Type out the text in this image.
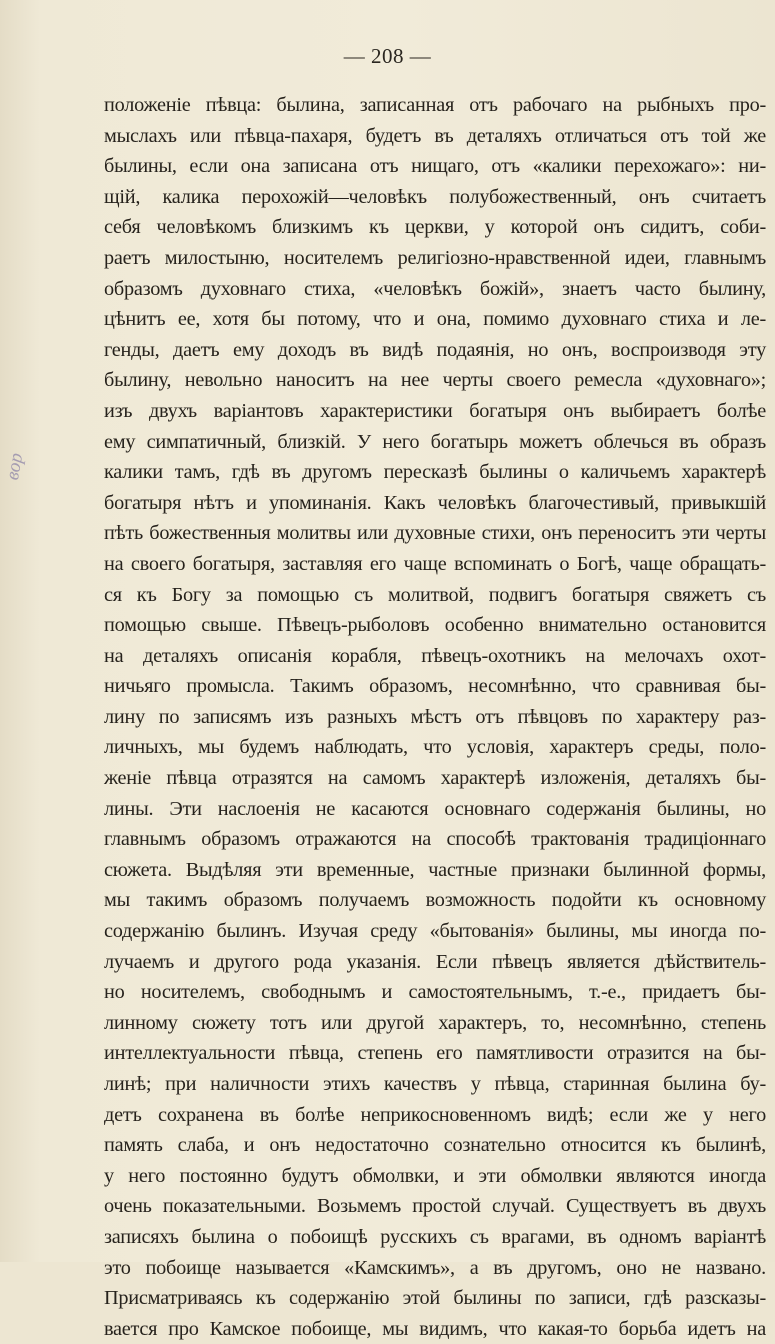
— 208 —
вор
положеніе пѣвца: былина, записанная отъ рабочаго на рыбныхъ про-
мыслахъ или пѣвца-пахаря, будетъ въ деталяхъ отличаться отъ той же
былины, если она записана отъ нищаго, отъ «калики перехожаго»: ни-
щій, калика перохожій—человѣкъ полубожественный, онъ считаетъ
себя человѣкомъ близкимъ къ церкви, у которой онъ сидитъ, соби-
раетъ милостыню, носителемъ религіозно-нравственной идеи, главнымъ
образомъ духовнаго стиха, «человѣкъ божій», знаетъ часто былину,
цѣнитъ ее, хотя бы потому, что и она, помимо духовнаго стиха и ле-
генды, даетъ ему доходъ въ видѣ подаянія, но онъ, воспроизводя эту
былину, невольно наноситъ на нее черты своего ремесла «духовнаго»;
изъ двухъ варіантовъ характеристики богатыря онъ выбираетъ болѣе
ему симпатичный, близкій. У него богатырь можетъ облечься въ образъ
калики тамъ, гдѣ въ другомъ пересказѣ былины о каличьемъ характерѣ
богатыря нѣтъ и упоминанія. Какъ человѣкъ благочестивый, привыкшій
пѣть божественныя молитвы или духовные стихи, онъ переноситъ эти черты
на своего богатыря, заставляя его чаще вспоминать о Богѣ, чаще обращать-
ся къ Богу за помощью съ молитвой, подвигъ богатыря свяжетъ съ
помощью свыше. Пѣвецъ-рыболовъ особенно внимательно остановится
на деталяхъ описанія корабля, пѣвецъ-охотникъ на мелочахъ охот-
ничьяго промысла. Такимъ образомъ, несомнѣнно, что сравнивая бы-
лину по записямъ изъ разныхъ мѣстъ отъ пѣвцовъ по характеру раз-
личныхъ, мы будемъ наблюдать, что условія, характеръ среды, поло-
женіе пѣвца отразятся на самомъ характерѣ изложенія, деталяхъ бы-
лины. Эти наслоенія не касаются основнаго содержанія былины, но
главнымъ образомъ отражаются на способѣ трактованія традиціоннаго
сюжета. Выдѣляя эти временные, частные признаки былинной формы,
мы такимъ образомъ получаемъ возможность подойти къ основному
содержанію былинъ. Изучая среду «бытованія» былины, мы иногда по-
лучаемъ и другого рода указанія. Если пѣвецъ является дѣйствитель-
но носителемъ, свободнымъ и самостоятельнымъ, т.-е., придаетъ бы-
линному сюжету тотъ или другой характеръ, то, несомнѣнно, степень
интеллектуальности пѣвца, степень его памятливости отразится на бы-
линѣ; при наличности этихъ качествъ у пѣвца, старинная былина бу-
детъ сохранена въ болѣе неприкосновенномъ видѣ; если же у него
память слаба, и онъ недостаточно сознательно относится къ былинѣ,
у него постоянно будутъ обмолвки, и эти обмолвки являются иногда
очень показательными. Возьмемъ простой случай. Существуетъ въ двухъ
записяхъ былина о побоищѣ русскихъ съ врагами, въ одномъ варіантѣ
это побоище называется «Камскимъ», а въ другомъ, оно не названо.
Присматриваясь къ содержанію этой былины по записи, гдѣ разсказы-
вается про Камское побоище, мы видимъ, что какая-то борьба идетъ на
